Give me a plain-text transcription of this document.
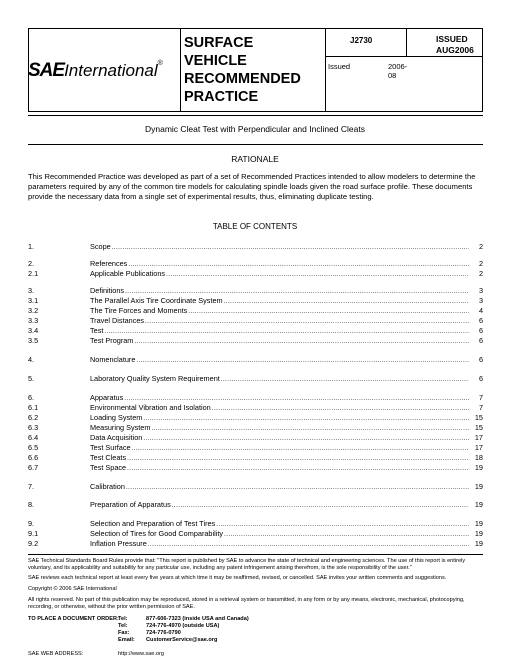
SAEInternational®
SURFACE
VEHICLE
RECOMMENDED
PRACTICE
J2730	ISSUED
AUG2006
Issued	2006-08
Dynamic Cleat Test with Perpendicular and Inclined Cleats
RATIONALE
This Recommended Practice was developed as part of a set of Recommended Practices intended to allow modelers to determine the parameters required by any of the common tire models for calculating spindle loads given the road surface profile. These documents provide the necessary data from a single set of experimental results, thus, eliminating duplicate testing.
TABLE OF CONTENTS
1.	Scope . . .	2
2.	References . . .	2
2.1	Applicable Publications . . .	2
3.	Definitions . . .	3
3.1	The Parallel Axis Tire Coordinate System . . .	3
3.2	The Tire Forces and Moments . . .	4
3.3	Travel Distances . . .	6
3.4	Test . . .	6
3.5	Test Program . . .	6
4.	Nomenclature . . .	6
5.	Laboratory Quality System Requirement . . .	6
6.	Apparatus . . .	7
6.1	Environmental Vibration and Isolation . . .	7
6.2	Loading System . . .	15
6.3	Measuring System . . .	15
6.4	Data Acquisition . . .	17
6.5	Test Surface . . .	17
6.6	Test Cleats . . .	18
6.7	Test Space . . .	19
7.	Calibration . . .	19
8.	Preparation of Apparatus . . .	19
9.	Selection and Preparation of Test Tires . . .	19
9.1	Selection of Tires for Good Comparability . . .	19
9.2	Inflation Pressure . . .	19
SAE Technical Standards Board Rules provide that: "This report is published by SAE to advance the state of technical and engineering sciences. The use of this report is entirely voluntary, and its applicability and suitability for any particular use, including any patent infringement arising therefrom, is the sole responsibility of the user."
SAE reviews each technical report at least every five years at which time it may be reaffirmed, revised, or cancelled. SAE invites your written comments and suggestions.
Copyright © 2006 SAE International
All rights reserved. No part of this publication may be reproduced, stored in a retrieval system or transmitted, in any form or by any means, electronic, mechanical, photocopying, recording, or otherwise, without the prior written permission of SAE.
TO PLACE A DOCUMENT ORDER: Tel:	877-606-7323 (inside USA and Canada)
Tel:	724-776-4970 (outside USA)
Fax:	724-776-0790
Email: CustomerService@sae.org
SAE WEB ADDRESS:	http://www.sae.org
